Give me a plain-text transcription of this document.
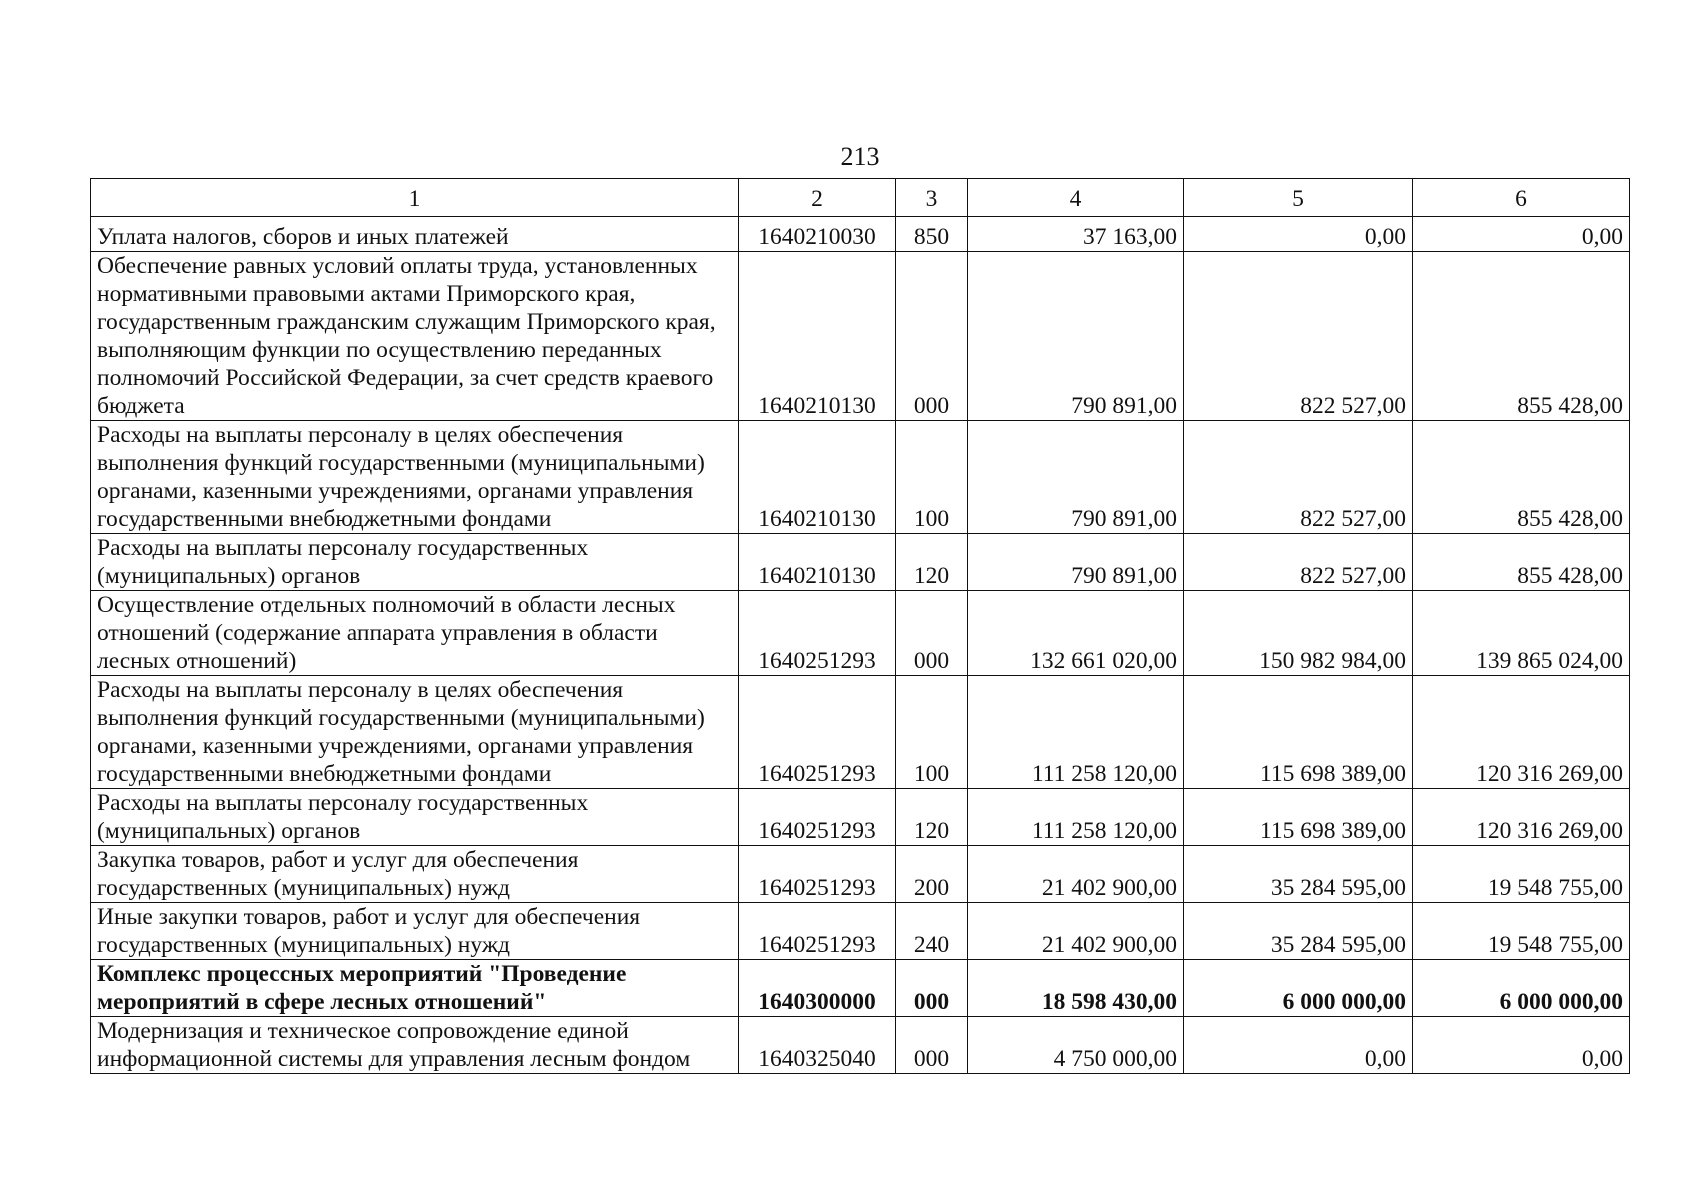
213
1	2	3	4	5	6
Уплата налогов, сборов и иных платежей	1640210030	850	37 163,00	0,00	0,00
Обеспечение равных условий оплаты труда, установленных нормативными правовыми актами Приморского края, государственным гражданским служащим Приморского края, выполняющим функции по осуществлению переданных полномочий Российской Федерации, за счет средств краевого бюджета	1640210130	000	790 891,00	822 527,00	855 428,00
Расходы на выплаты персоналу в целях обеспечения выполнения функций государственными (муниципальными) органами, казенными учреждениями, органами управления государственными внебюджетными фондами	1640210130	100	790 891,00	822 527,00	855 428,00
Расходы на выплаты персоналу государственных (муниципальных) органов	1640210130	120	790 891,00	822 527,00	855 428,00
Осуществление отдельных полномочий в области лесных отношений (содержание аппарата управления в области лесных отношений)	1640251293	000	132 661 020,00	150 982 984,00	139 865 024,00
Расходы на выплаты персоналу в целях обеспечения выполнения функций государственными (муниципальными) органами, казенными учреждениями, органами управления государственными внебюджетными фондами	1640251293	100	111 258 120,00	115 698 389,00	120 316 269,00
Расходы на выплаты персоналу государственных (муниципальных) органов	1640251293	120	111 258 120,00	115 698 389,00	120 316 269,00
Закупка товаров, работ и услуг для обеспечения государственных (муниципальных) нужд	1640251293	200	21 402 900,00	35 284 595,00	19 548 755,00
Иные закупки товаров, работ и услуг для обеспечения государственных (муниципальных) нужд	1640251293	240	21 402 900,00	35 284 595,00	19 548 755,00
Комплекс процессных мероприятий "Проведение мероприятий в сфере лесных отношений"	1640300000	000	18 598 430,00	6 000 000,00	6 000 000,00
Модернизация и техническое сопровождение единой информационной системы для управления лесным фондом	1640325040	000	4 750 000,00	0,00	0,00
